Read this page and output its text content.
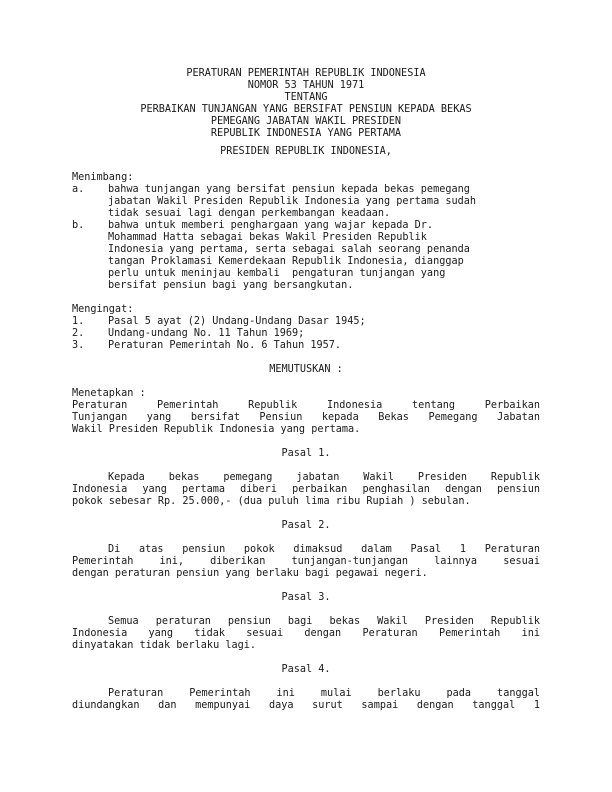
PERATURAN PEMERINTAH REPUBLIK INDONESIA
NOMOR 53 TAHUN 1971
TENTANG
PERBAIKAN TUNJANGAN YANG BERSIFAT PENSIUN KEPADA BEKAS
PEMEGANG JABATAN WAKIL PRESIDEN
REPUBLIK INDONESIA YANG PERTAMA
PRESIDEN REPUBLIK INDONESIA,
Menimbang:
a.	bahwa tunjangan yang bersifat pensiun kepada bekas pemegang
jabatan Wakil Presiden Republik Indonesia yang pertama sudah
tidak sesuai lagi dengan perkembangan keadaan.
b.	bahwa untuk memberi penghargaan yang wajar kepada Dr.
Mohammad Hatta sebagai bekas Wakil Presiden Republik
Indonesia yang pertama, serta sebagai salah seorang penanda
tangan Proklamasi Kemerdekaan Republik Indonesia, dianggap
perlu untuk meninjau kembali  pengaturan tunjangan yang
bersifat pensiun bagi yang bersangkutan.
Mengingat:
1.	Pasal 5 ayat (2) Undang-Undang Dasar 1945;
2.	Undang-undang No. 11 Tahun 1969;
3.	Peraturan Pemerintah No. 6 Tahun 1957.
MEMUTUSKAN :
Menetapkan :
Peraturan Pemerintah Republik Indonesia tentang Perbaikan
Tunjangan yang bersifat Pensiun kepada Bekas Pemegang Jabatan
Wakil Presiden Republik Indonesia yang pertama.
Pasal 1.
Kepada bekas pemegang jabatan Wakil Presiden Republik
Indonesia yang pertama diberi perbaikan penghasilan dengan pensiun
pokok sebesar Rp. 25.000,- (dua puluh lima ribu Rupiah ) sebulan.
Pasal 2.
Di atas pensiun pokok dimaksud dalam Pasal 1 Peraturan
Pemerintah ini, diberikan tunjangan-tunjangan lainnya sesuai
dengan peraturan pensiun yang berlaku bagi pegawai negeri.
Pasal 3.
Semua peraturan pensiun bagi bekas Wakil Presiden Republik
Indonesia yang tidak sesuai dengan Peraturan Pemerintah ini
dinyatakan tidak berlaku lagi.
Pasal 4.
Peraturan Pemerintah ini mulai berlaku pada tanggal
diundangkan dan mempunyai daya surut sampai dengan tanggal 1
